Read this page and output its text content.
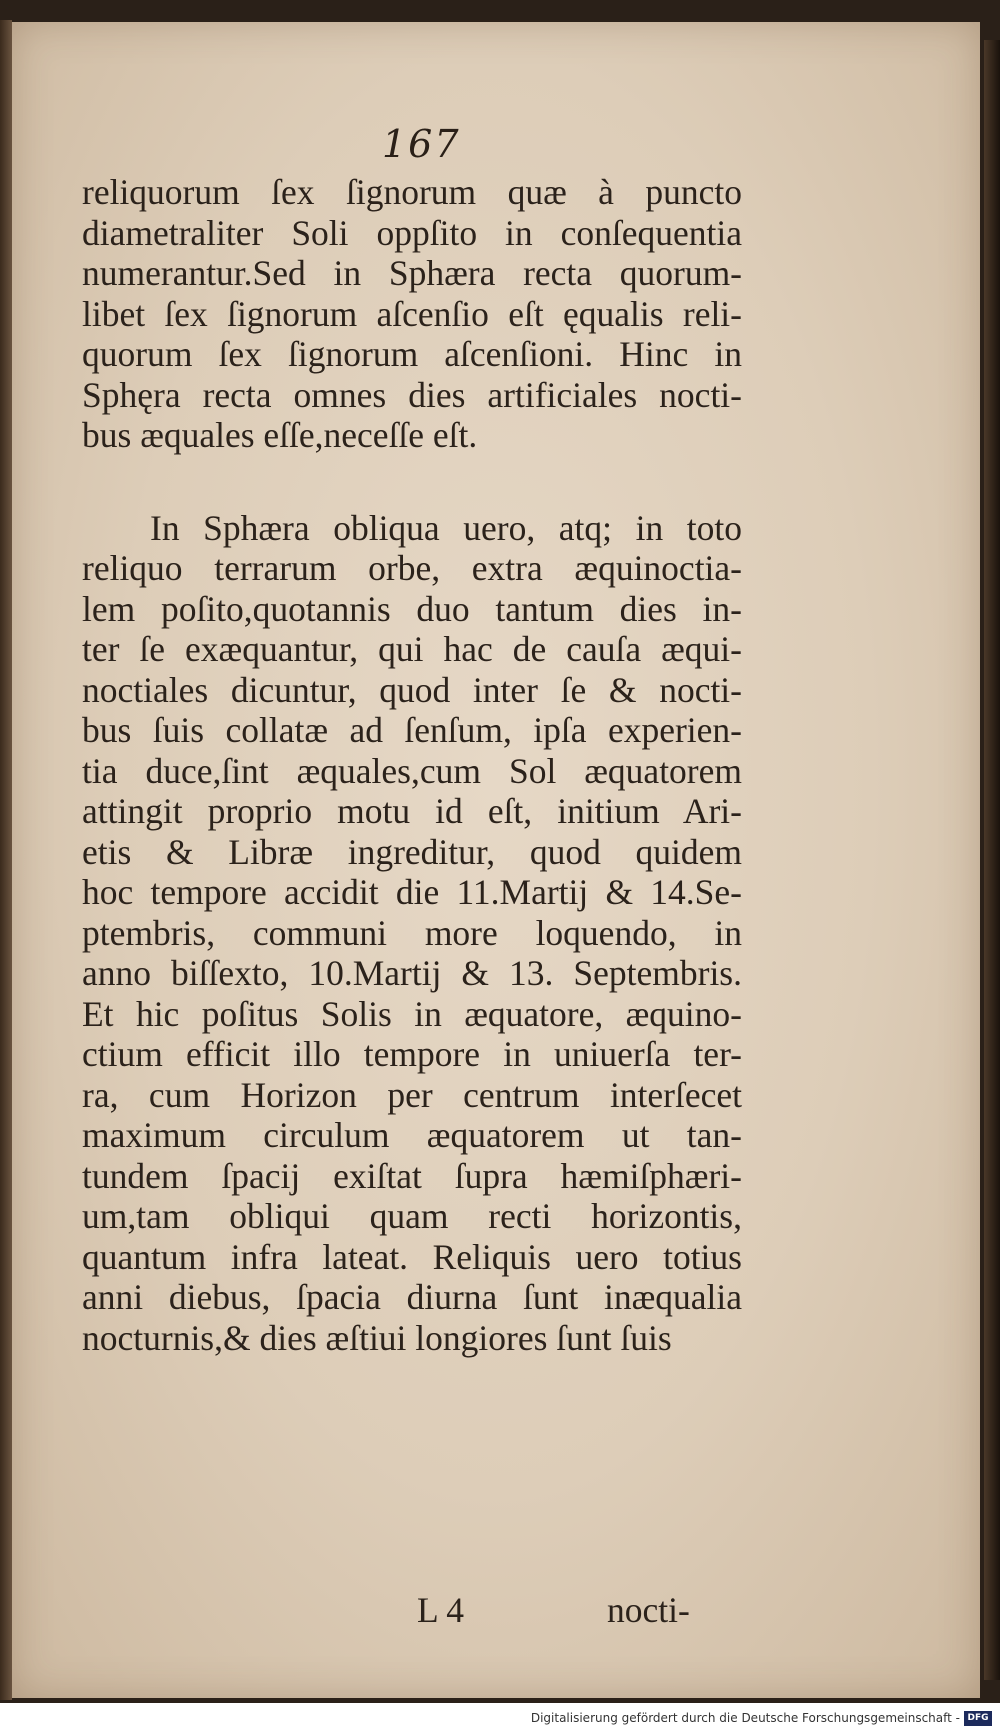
167
reliquorum ſex ſignorum quæ à puncto
diametraliter Soli oppſito in conſequentia
numerantur.Sed in Sphæra recta quorum-
libet ſex ſignorum aſcenſio eſt ęqualis reli-
quorum ſex ſignorum aſcenſioni. Hinc in
Sphęra recta omnes dies artificiales nocti-
bus æquales eſſe,neceſſe eſt.
In Sphæra obliqua uero, atq; in toto
reliquo terrarum orbe, extra æquinoctia-
lem poſito,quotannis duo tantum dies in-
ter ſe exæquantur, qui hac de cauſa æqui-
noctiales dicuntur, quod inter ſe & nocti-
bus ſuis collatæ ad ſenſum, ipſa experien-
tia duce,ſint æquales,cum Sol æquatorem
attingit proprio motu id eſt, initium Ari-
etis & Libræ ingreditur, quod quidem
hoc tempore accidit die 11.Martij & 14.Se-
ptembris, communi more loquendo, in
anno biſſexto, 10.Martij & 13. Septembris.
Et hic poſitus Solis in æquatore, æquino-
ctium efficit illo tempore in uniuerſa ter-
ra, cum Horizon per centrum interſecet
maximum circulum æquatorem ut tan-
tundem ſpacij exiſtat ſupra hæmiſphæri-
um,tam obliqui quam recti horizontis,
quantum infra lateat. Reliquis uero totius
anni diebus, ſpacia diurna ſunt inæqualia
nocturnis,& dies æſtiui longiores ſunt ſuis
L 4	nocti-
Digitalisierung gefördert durch die Deutsche Forschungsgemeinschaft - DFG
